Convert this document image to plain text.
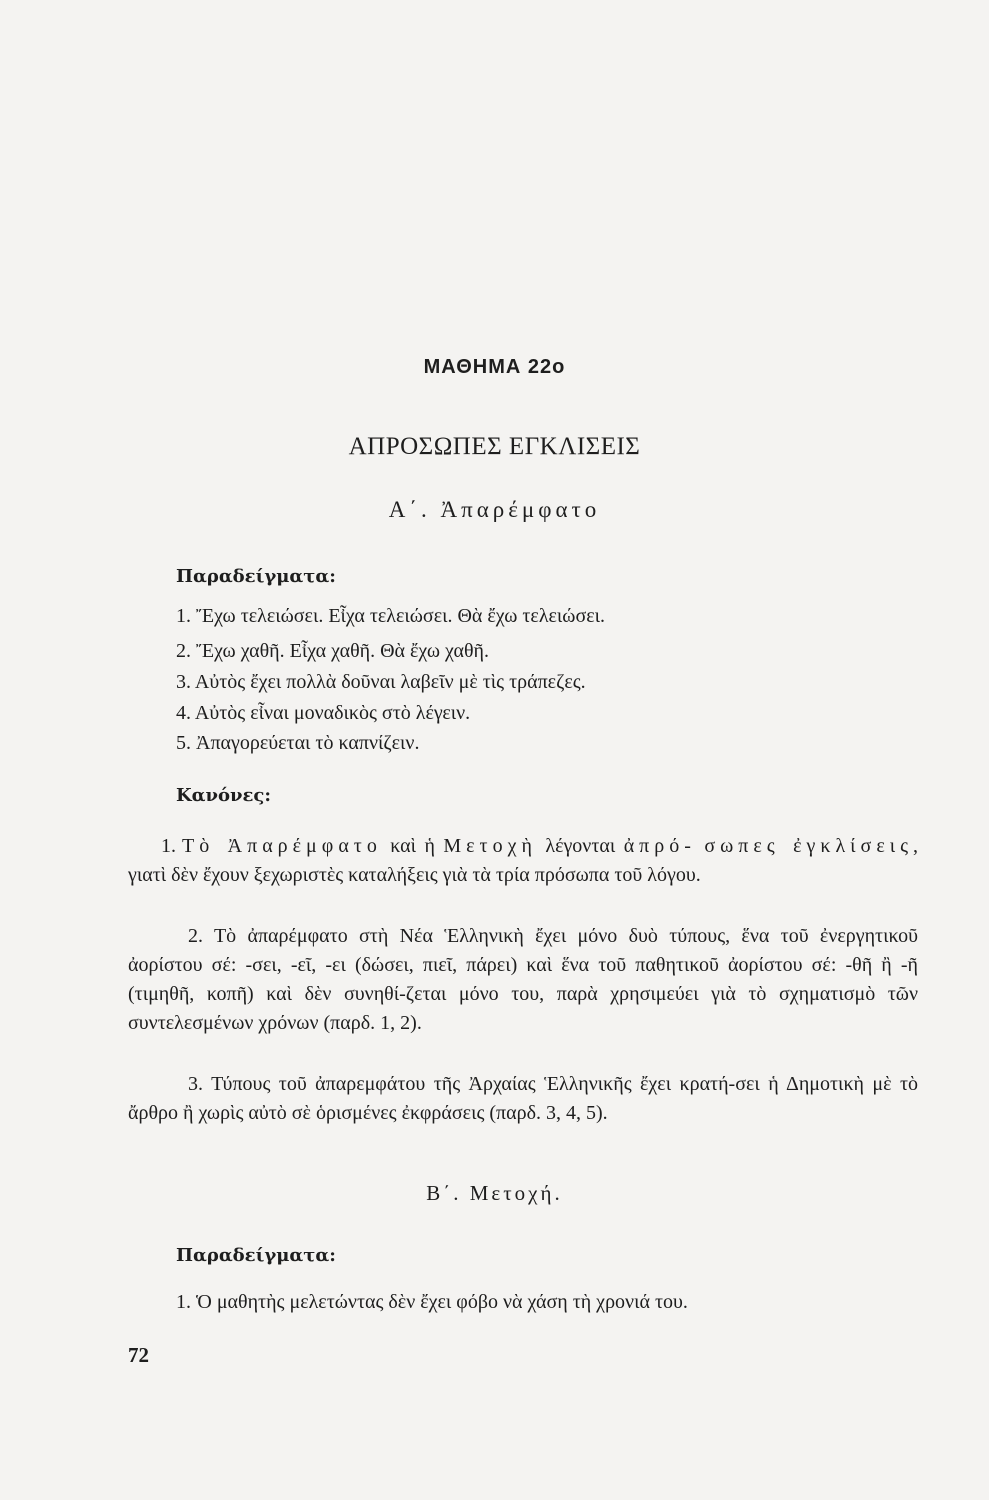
ΜΑΘΗΜΑ 22ο
ΑΠΡΟΣΩΠΕΣ ΕΓΚΛΙΣΕΙΣ
Α΄. Ἀπαρέμφατο
Παραδείγματα:
1. Ἔχω τελειώσει. Εἶχα τελειώσει. Θὰ ἔχω τελειώσει.
2. Ἔχω χαθῆ. Εἶχα χαθῆ. Θὰ ἔχω χαθῆ.
3. Αὐτὸς ἔχει πολλὰ δοῦναι λαβεῖν μὲ τὶς τράπεζες.
4. Αὐτὸς εἶναι μοναδικὸς στὸ λέγειν.
5. Ἀπαγορεύεται τὸ καπνίζειν.
Κανόνες:

1. Τὸ Ἀπαρέμφατο καὶ ἡ Μετοχὴ λέγονται ἀπρό- σωπες ἐγκλίσεις, γιατὶ δὲν ἔχουν ξεχωριστὲς καταλήξεις γιὰ τὰ τρία πρόσωπα τοῦ λόγου.

2. Τὸ ἀπαρέμφατο στὴ Νέα Ἑλληνικὴ ἔχει μόνο δυὸ τύπους, ἕνα τοῦ ἐνεργητικοῦ ἀορίστου σέ: -σει, -εῖ, -ει (δώσει, πιεῖ, πάρει) καὶ ἕνα τοῦ παθητικοῦ ἀορίστου σέ: -θῆ ἢ -ῆ (τιμηθῆ, κοπῆ) καὶ δὲν συνηθί-ζεται μόνο του, παρὰ χρησιμεύει γιὰ τὸ σχηματισμὸ τῶν συντελεσμένων χρόνων (παρδ. 1, 2).

3. Τύπους τοῦ ἀπαρεμφάτου τῆς Ἀρχαίας Ἑλληνικῆς ἔχει κρατή-σει ἡ Δημοτικὴ μὲ τὸ ἄρθρο ἢ χωρὶς αὐτὸ σὲ ὁρισμένες ἐκφράσεις (παρδ. 3, 4, 5).

Β΄. Μετοχή.
Παραδείγματα:
1. Ὁ μαθητὴς μελετώντας δὲν ἔχει φόβο νὰ χάση τὴ χρονιά του.
72
